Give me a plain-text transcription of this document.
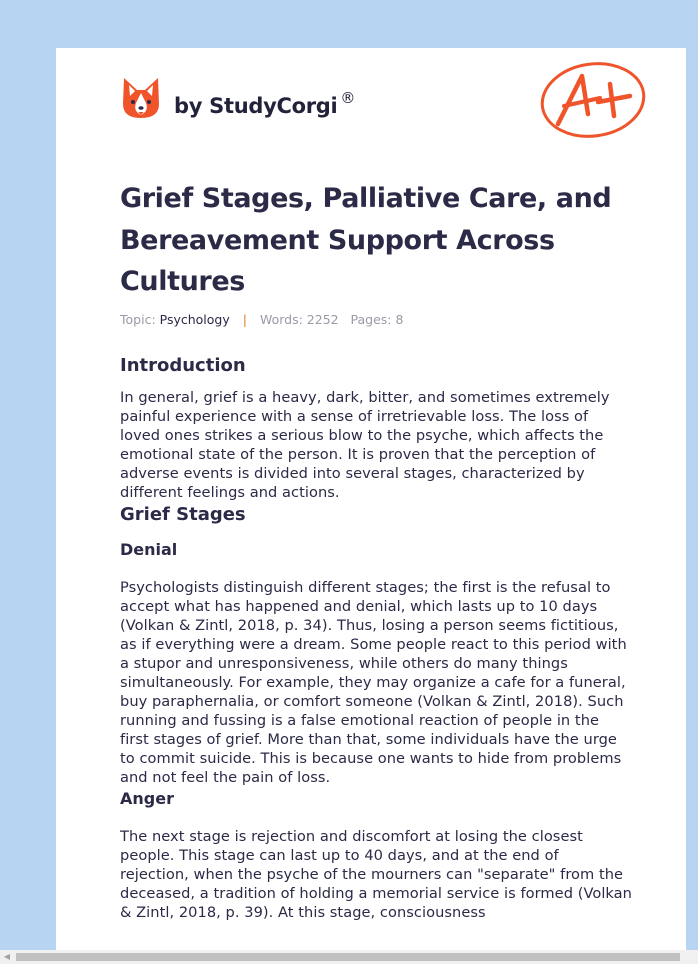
by StudyCorgi ®
Grief Stages, Palliative Care, and Bereavement Support Across Cultures
Topic: Psychology | Words: 2252 Pages: 8
Introduction

In general, grief is a heavy, dark, bitter, and sometimes extremely painful experience with a sense of irretrievable loss. The loss of loved ones strikes a serious blow to the psyche, which affects the emotional state of the person. It is proven that the perception of adverse events is divided into several stages, characterized by different feelings and actions.

Grief Stages
Denial

Psychologists distinguish different stages; the first is the refusal to accept what has happened and denial, which lasts up to 10 days (Volkan & Zintl, 2018, p. 34). Thus, losing a person seems fictitious, as if everything were a dream. Some people react to this period with a stupor and unresponsiveness, while others do many things simultaneously. For example, they may organize a cafe for a funeral, buy paraphernalia, or comfort someone (Volkan & Zintl, 2018). Such running and fussing is a false emotional reaction of people in the first stages of grief. More than that, some individuals have the urge to commit suicide. This is because one wants to hide from problems and not feel the pain of loss.

Anger

The next stage is rejection and discomfort at losing the closest people. This stage can last up to 40 days, and at the end of rejection, when the psyche of the mourners can "separate" from the deceased, a tradition of holding a memorial service is formed (Volkan & Zintl, 2018, p. 39). At this stage, consciousness

◀
